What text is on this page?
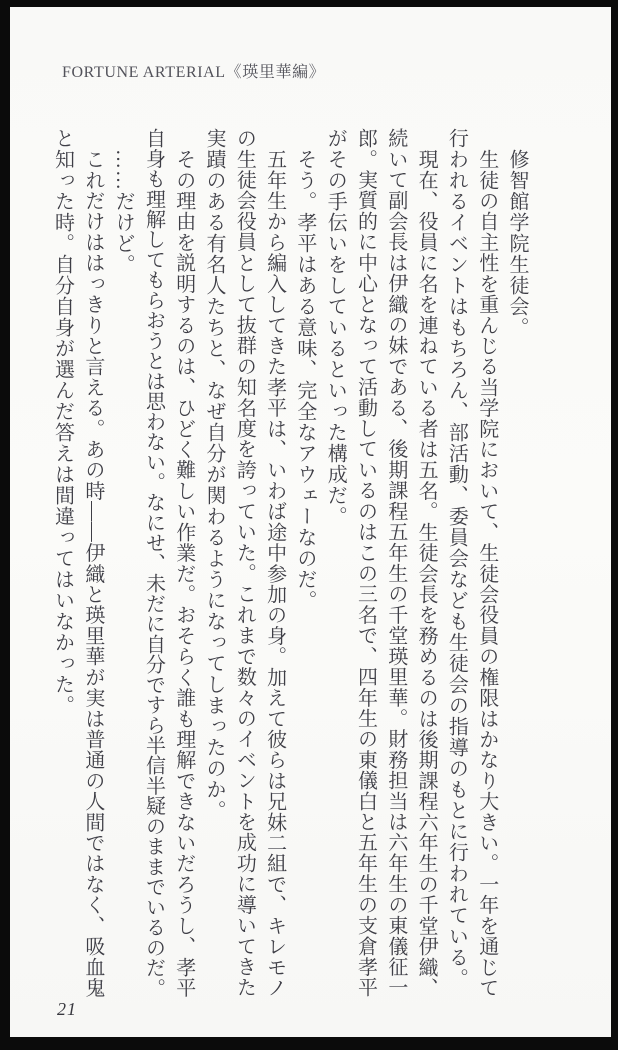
FORTUNE ARTERIAL《瑛里華編》
修智館学院生徒会。
生徒の自主性を重んじる当学院において、生徒会役員の権限はかなり大きい。一年を通じて
行われるイベントはもちろん、部活動、委員会なども生徒会の指導のもとに行われている。
現在、役員に名を連ねている者は五名。生徒会長を務めるのは後期課程六年生の千堂伊織、
続いて副会長は伊織の妹である、後期課程五年生の千堂瑛里華。財務担当は六年生の東儀征一
郎。実質的に中心となって活動しているのはこの三名で、四年生の東儀白と五年生の支倉孝平
がその手伝いをしているといった構成だ。
そう。孝平はある意味、完全なアウェーなのだ。
五年生から編入してきた孝平は、いわば途中参加の身。加えて彼らは兄妹二組で、キレモノ
の生徒会役員として抜群の知名度を誇っていた。これまで数々のイベントを成功に導いてきた
実蹟のある有名人たちと、なぜ自分が関わるようになってしまったのか。
その理由を説明するのは、ひどく難しい作業だ。おそらく誰も理解できないだろうし、孝平
自身も理解してもらおうとは思わない。なにせ、未だに自分ですら半信半疑のままでいるのだ。
……だけど。
これだけははっきりと言える。あの時——伊織と瑛里華が実は普通の人間ではなく、吸血鬼
と知った時。自分自身が選んだ答えは間違ってはいなかった。
21
